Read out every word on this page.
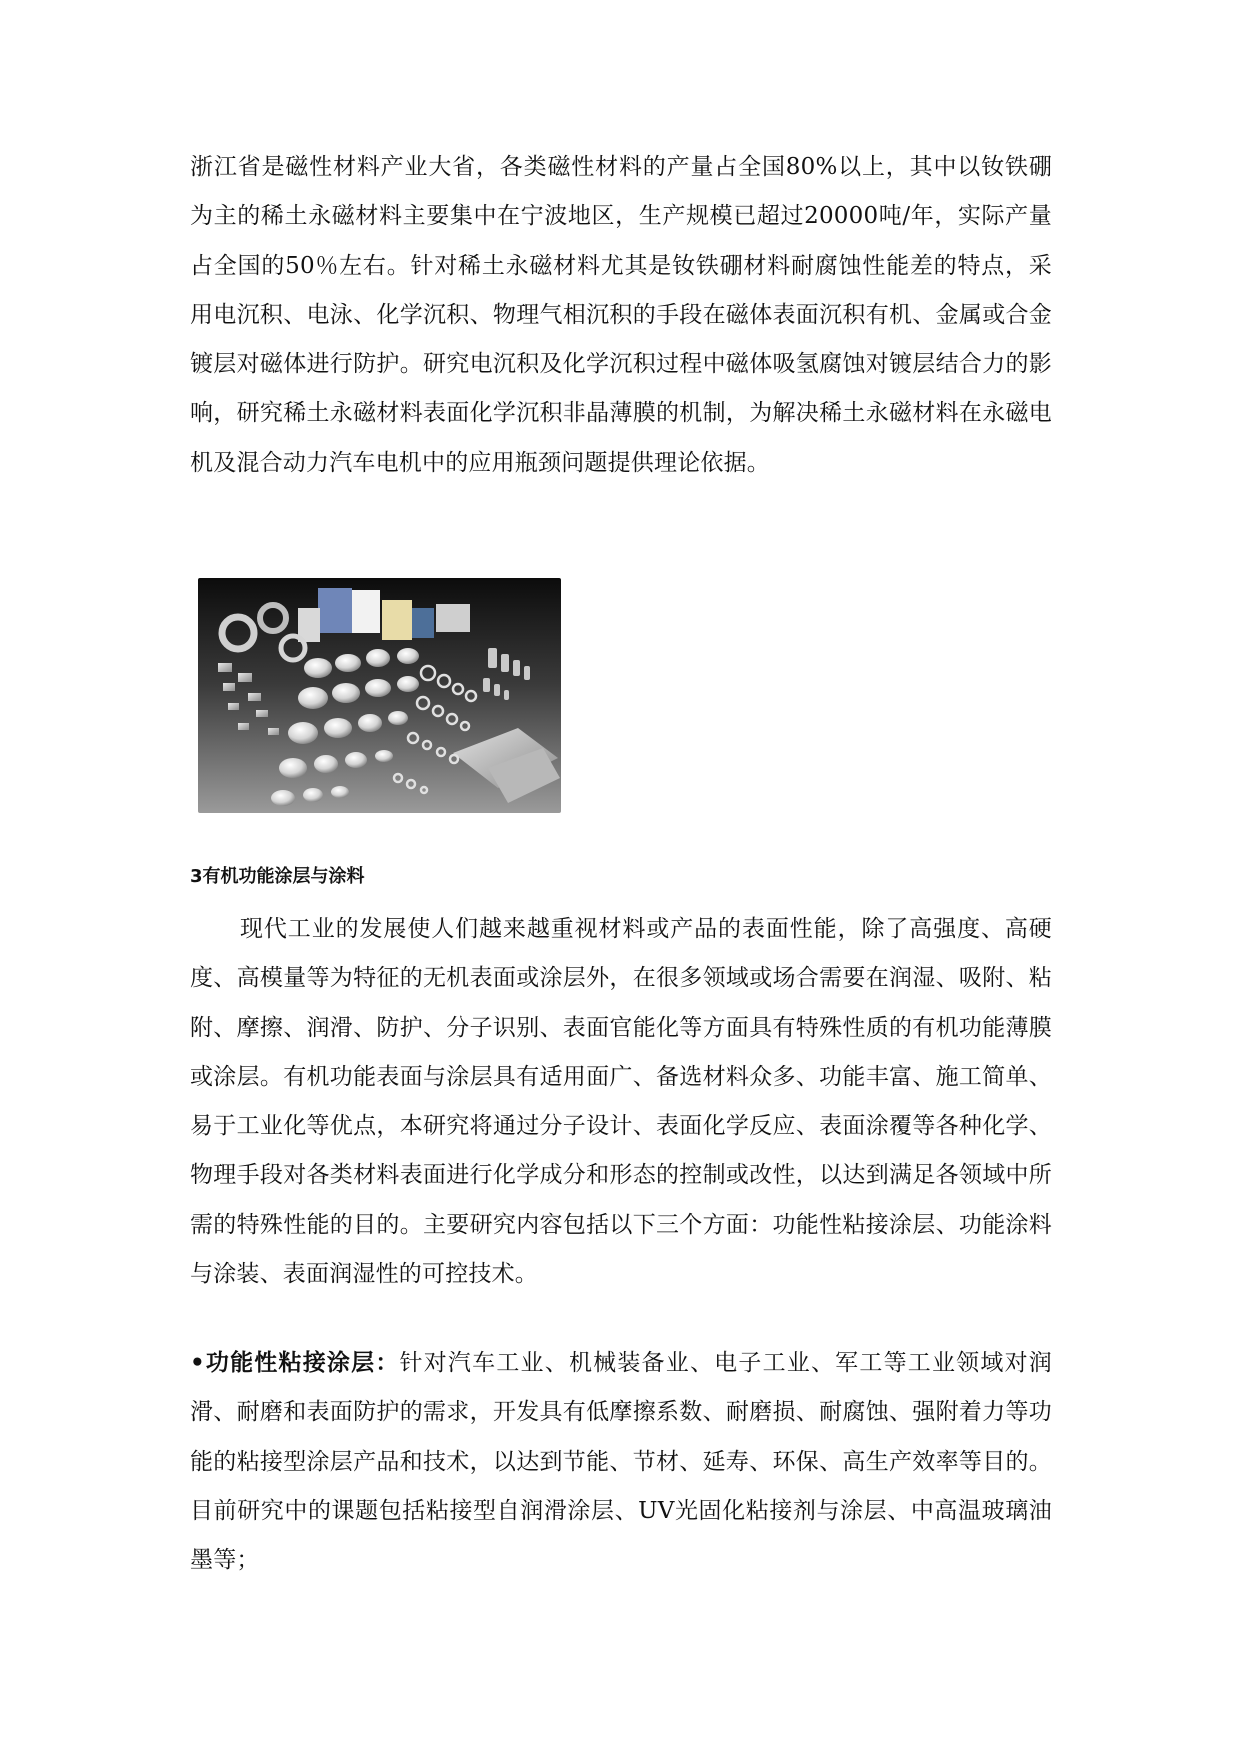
浙江省是磁性材料产业大省，各类磁性材料的产量占全国80%以上，其中以钕铁硼为主的稀土永磁材料主要集中在宁波地区，生产规模已超过20000吨/年，实际产量占全国的50％左右。针对稀土永磁材料尤其是钕铁硼材料耐腐蚀性能差的特点，采用电沉积、电泳、化学沉积、物理气相沉积的手段在磁体表面沉积有机、金属或合金镀层对磁体进行防护。研究电沉积及化学沉积过程中磁体吸氢腐蚀对镀层结合力的影响，研究稀土永磁材料表面化学沉积非晶薄膜的机制，为解决稀土永磁材料在永磁电机及混合动力汽车电机中的应用瓶颈问题提供理论依据。

3有机功能涂层与涂料

现代工业的发展使人们越来越重视材料或产品的表面性能，除了高强度、高硬度、高模量等为特征的无机表面或涂层外，在很多领域或场合需要在润湿、吸附、粘附、摩擦、润滑、防护、分子识别、表面官能化等方面具有特殊性质的有机功能薄膜或涂层。有机功能表面与涂层具有适用面广、备选材料众多、功能丰富、施工简单、易于工业化等优点，本研究将通过分子设计、表面化学反应、表面涂覆等各种化学、物理手段对各类材料表面进行化学成分和形态的控制或改性，以达到满足各领域中所需的特殊性能的目的。主要研究内容包括以下三个方面：功能性粘接涂层、功能涂料与涂装、表面润湿性的可控技术。

•功能性粘接涂层：针对汽车工业、机械装备业、电子工业、军工等工业领域对润滑、耐磨和表面防护的需求，开发具有低摩擦系数、耐磨损、耐腐蚀、强附着力等功能的粘接型涂层产品和技术，以达到节能、节材、延寿、环保、高生产效率等目的。目前研究中的课题包括粘接型自润滑涂层、UV光固化粘接剂与涂层、中高温玻璃油墨等；
